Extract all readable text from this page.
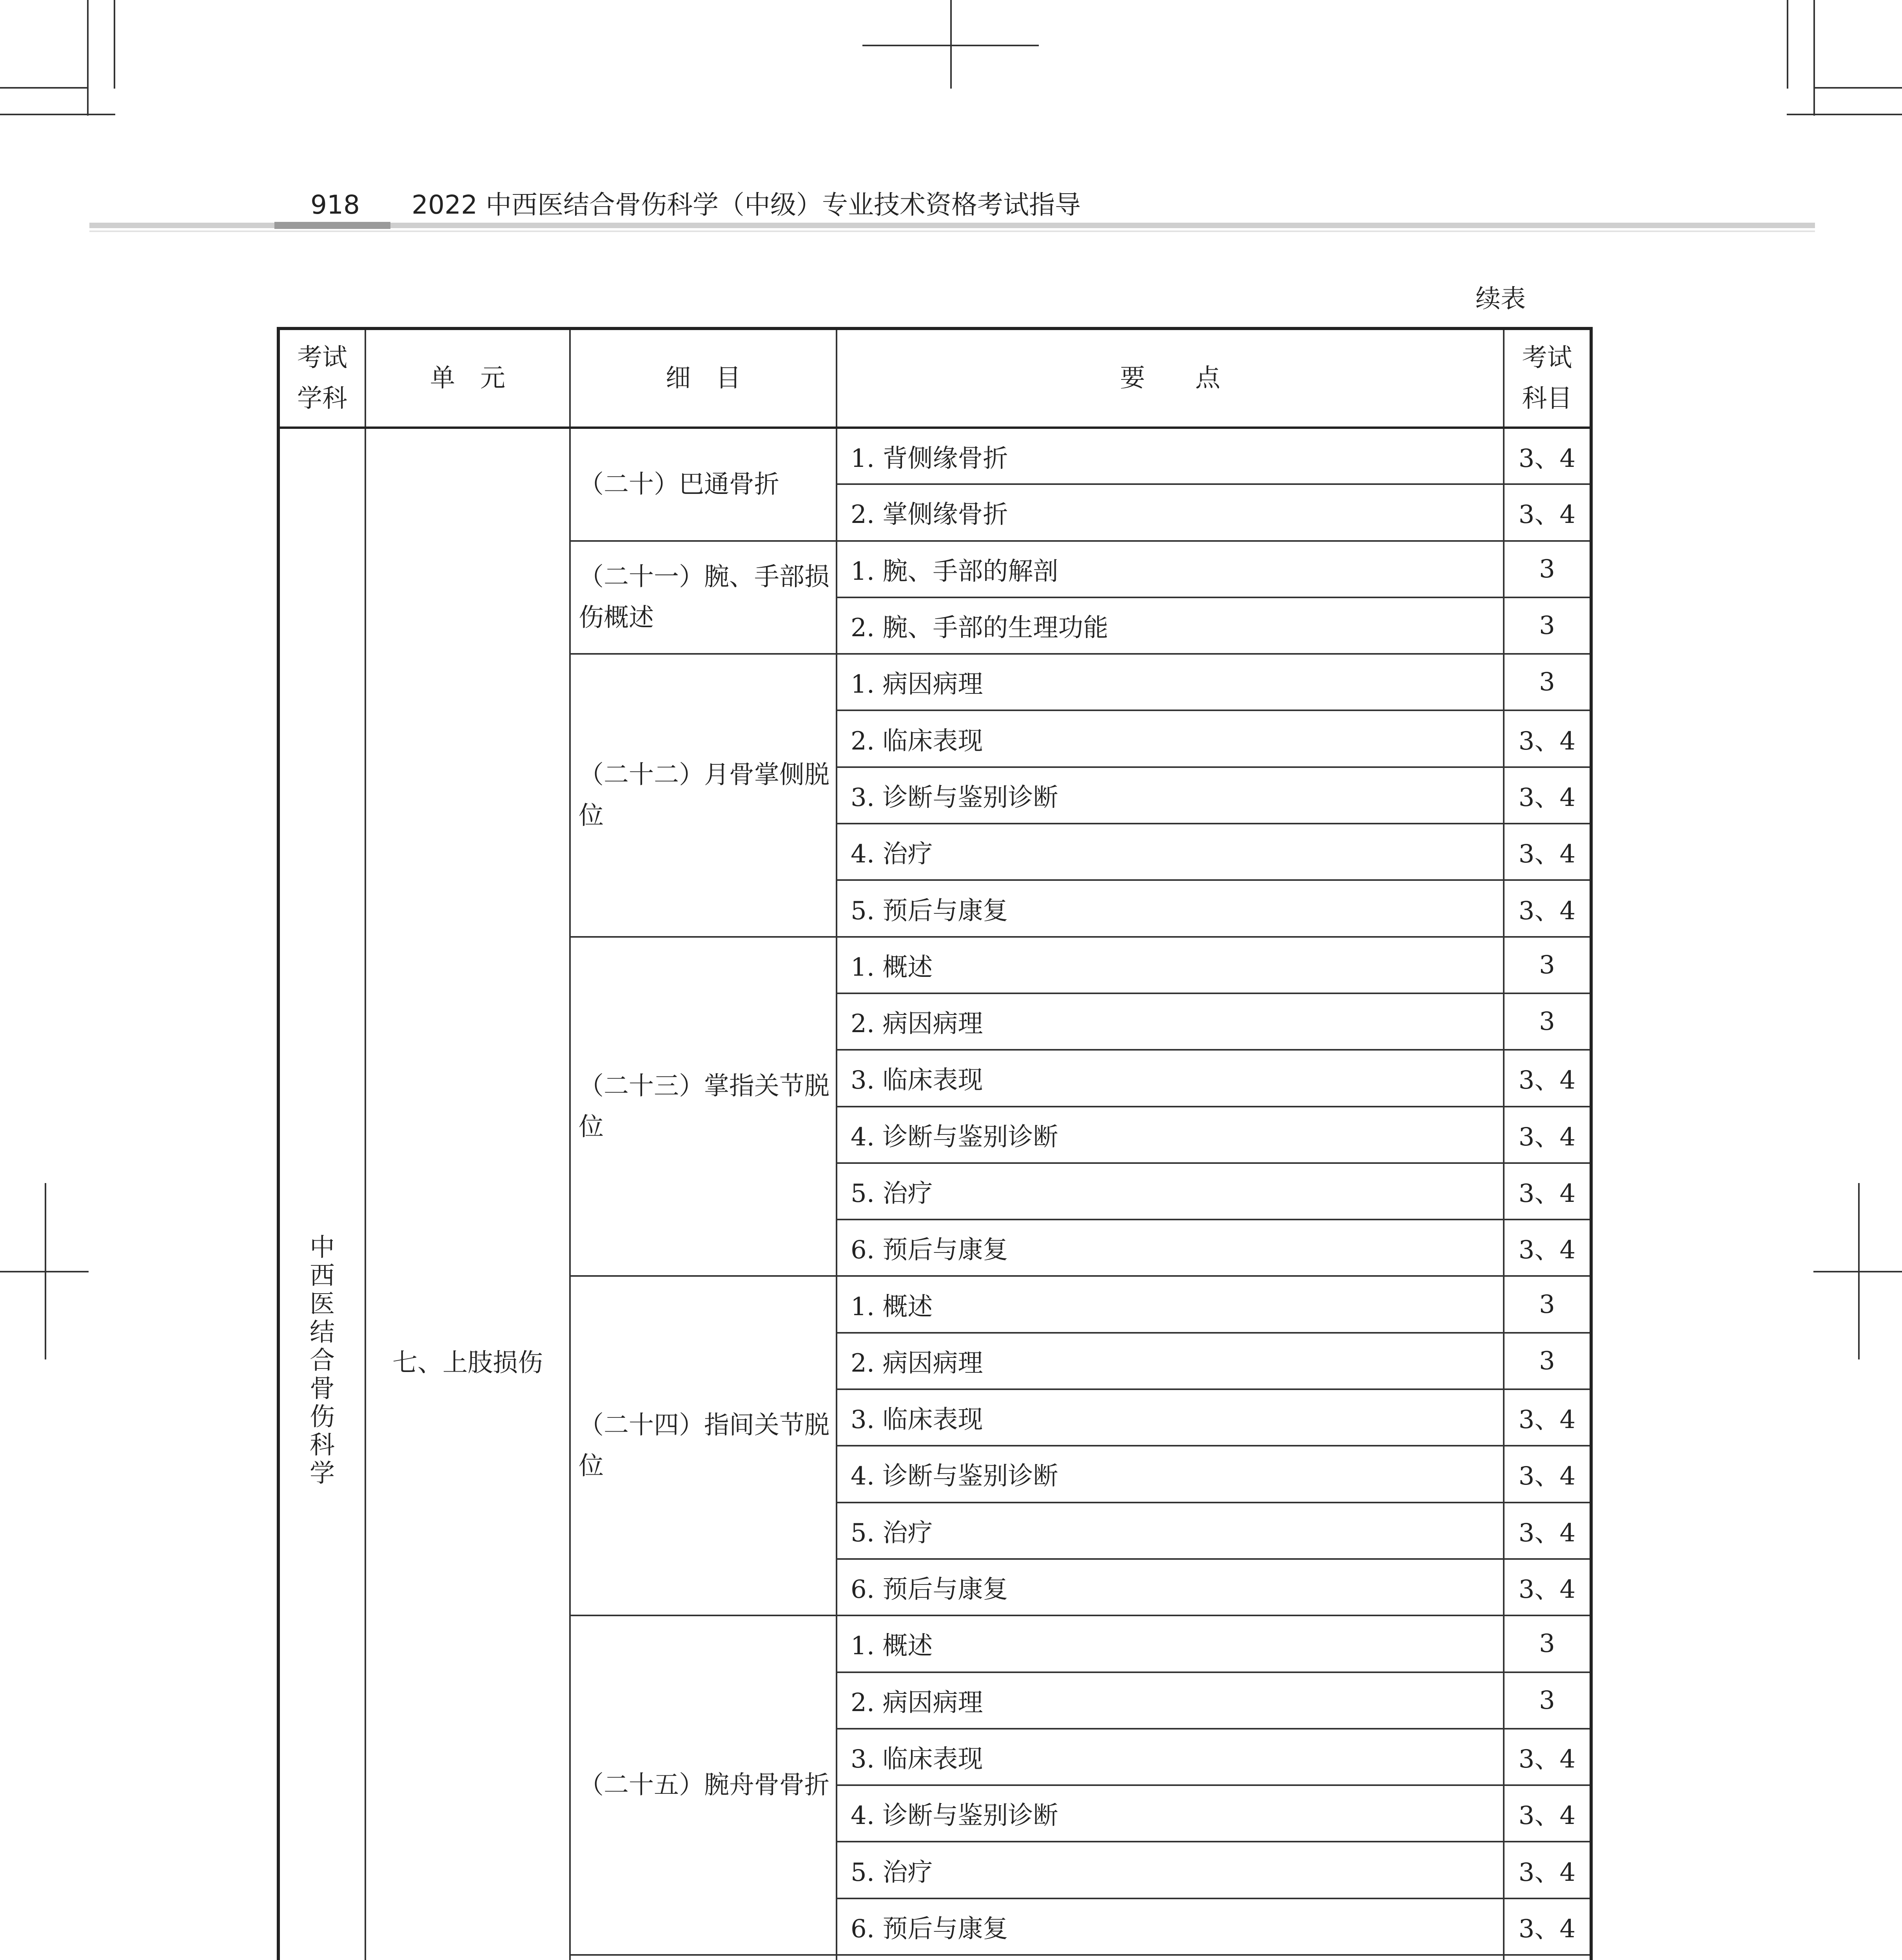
918 2022 中西医结合骨伤科学（中级）专业技术资格考试指导
续表
考试学科	单　元	细　目	要　　点	考试科目
中西医结合骨伤科学	七、上肢损伤	（二十）巴通骨折	1. 背侧缘骨折	3、4
			2. 掌侧缘骨折	3、4
		（二十一）腕、手部损伤概述	1. 腕、手部的解剖	3
			2. 腕、手部的生理功能	3
		（二十二）月骨掌侧脱位	1. 病因病理	3
			2. 临床表现	3、4
			3. 诊断与鉴别诊断	3、4
			4. 治疗	3、4
			5. 预后与康复	3、4
		（二十三）掌指关节脱位	1. 概述	3
			2. 病因病理	3
			3. 临床表现	3、4
			4. 诊断与鉴别诊断	3、4
			5. 治疗	3、4
			6. 预后与康复	3、4
		（二十四）指间关节脱位	1. 概述	3
			2. 病因病理	3
			3. 临床表现	3、4
			4. 诊断与鉴别诊断	3、4
			5. 治疗	3、4
			6. 预后与康复	3、4
		（二十五）腕舟骨骨折	1. 概述	3
			2. 病因病理	3
			3. 临床表现	3、4
			4. 诊断与鉴别诊断	3、4
			5. 治疗	3、4
			6. 预后与康复	3、4
